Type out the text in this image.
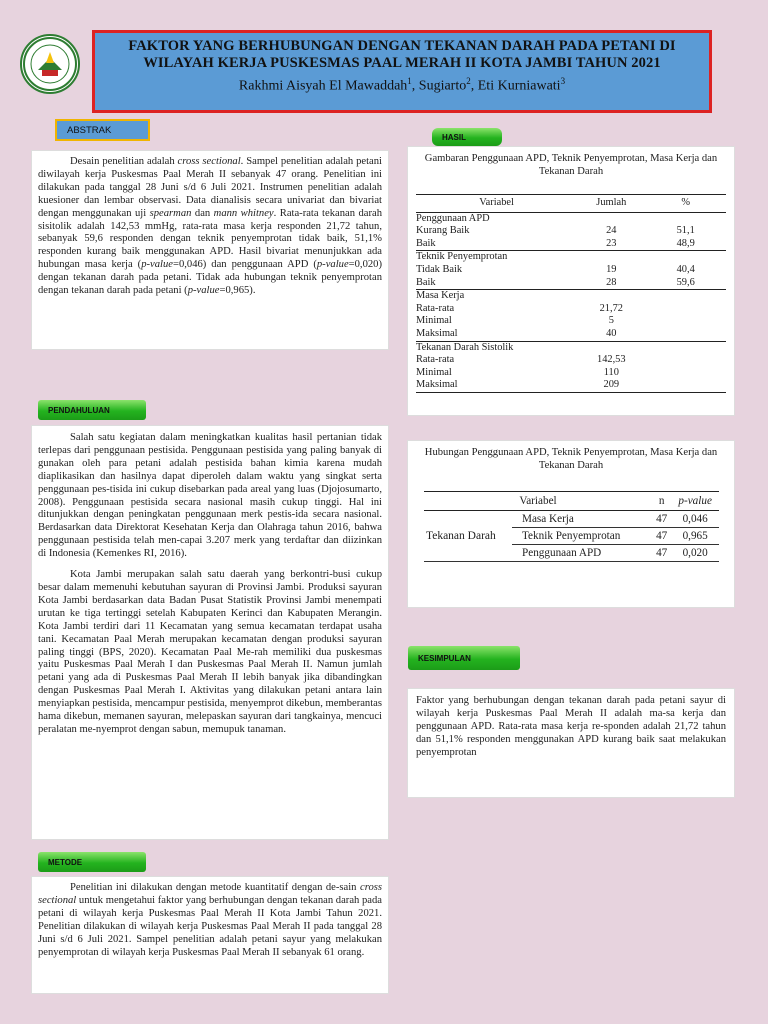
FAKTOR YANG BERHUBUNGAN DENGAN TEKANAN DARAH PADA PETANI DI
WILAYAH KERJA PUSKESMAS PAAL MERAH II KOTA JAMBI TAHUN 2021
Rakhmi Aisyah El Mawaddah$^1$, Sugiarto$^2$, Eti Kurniawati$^3$
ABSTRAK
HASIL
PENDAHULUAN
KESIMPULAN
METODE

Desain penelitian adalah cross sectional. Sampel penelitian adalah petani diwilayah kerja Puskesmas Paal Merah II sebanyak 47 orang. Penelitian ini dilakukan pada tanggal 28 Juni s/d 6 Juli 2021. Instrumen penelitian adalah kuesioner dan lembar observasi. Data dianalisis secara univariat dan bivariat dengan menggunakan uji spearman dan mann whitney. Rata-rata tekanan darah sisitolik adalah 142,53 mmHg, rata-rata masa kerja responden 21,72 tahun, sebanyak 59,6 responden dengan teknik penyemprotan tidak baik, 51,1% responden kurang baik menggunakan APD. Hasil bivariat menunjukkan ada hubungan masa kerja (p-value=0,046) dan penggunaan APD (p-value=0,020) dengan tekanan darah pada petani. Tidak ada hubungan teknik penyemprotan dengan tekanan darah pada petani (p-value=0,965).

Salah satu kegiatan dalam meningkatkan kualitas hasil pertanian tidak terlepas dari penggunaan pestisida. Penggunaan pestisida yang paling banyak di gunakan oleh para petani adalah pestisida bahan kimia karena mudah diaplikasikan dan hasilnya dapat diperoleh dalam waktu yang singkat serta penggunaan pes-tisida ini cukup disebarkan pada areal yang luas (Djojosumarto, 2008). Penggunaan pestisida secara nasional masih cukup tinggi. Hal ini ditunjukkan dengan peningkatan penggunaan merk pestis-ida secara nasional. Berdasarkan data Direktorat Kesehatan Kerja dan Olahraga tahun 2016, bahwa penggunaan pestisida telah men-capai 3.207 merk yang terdaftar dan diizinkan di Indonesia (Kemenkes RI, 2016).

Kota Jambi merupakan salah satu daerah yang berkontri-busi cukup besar dalam memenuhi kebutuhan sayuran di Provinsi Jambi. Produksi sayuran Kota Jambi berdasarkan data Badan Pusat Statistik Provinsi Jambi menempati urutan ke tiga tertinggi setelah Kabupaten Kerinci dan Kabupaten Merangin. Kota Jambi terdiri dari 11 Kecamatan yang semua kecamatan terdapat usaha tani. Kecamatan Paal Merah merupakan kecamatan dengan produksi sayuran paling tinggi (BPS, 2020). Kecamatan Paal Me-rah memiliki dua puskesmas yaitu Puskesmas Paal Merah I dan Puskesmas Paal Merah II. Namun jumlah petani yang ada di Puskesmas Paal Merah II lebih banyak jika dibandingkan dengan Puskesmas Paal Merah I. Aktivitas yang dilakukan petani antara lain menyiapkan pestisida, mencampur pestisida, menyemprot dikebun, memberantas hama dikebun, memanen sayuran, melepaskan sayuran dari tangkainya, mencuci peralatan me-nyemprot dengan sabun, memupuk tanaman.

Penelitian ini dilakukan dengan metode kuantitatif dengan de-sain cross sectional untuk mengetahui faktor yang berhubungan dengan tekanan darah pada petani di wilayah kerja Puskesmas Paal Merah II Kota Jambi Tahun 2021. Penelitian dilakukan di wilayah kerja Puskesmas Paal Merah II pada tanggal 28 Juni s/d 6 Juli 2021. Sampel penelitian adalah petani sayur yang melakukan penyemprotan di wilayah kerja Puskesmas Paal Merah II sebanyak 61 orang.

Gambaran Penggunaan APD, Teknik Penyemprotan, Masa Kerja dan Tekanan Darah
Variabel	Jumlah	%
Penggunaan APD		
Kurang Baik	24	51,1
Baik	23	48,9
Teknik Penyemprotan		
Tidak Baik	19	40,4
Baik	28	59,6
Masa Kerja		
Rata-rata	21,72	
Minimal	5	
Maksimal	40	
Tekanan Darah Sistolik		
Rata-rata	142,53	
Minimal	110	
Maksimal	209	
Hubungan Penggunaan APD, Teknik Penyemprotan, Masa Kerja dan Tekanan Darah
Variabel		n	p-value
Tekanan Darah	Masa Kerja	47	0,046
	Teknik Penyemprotan	47	0,965
	Penggunaan APD	47	0,020

Faktor yang berhubungan dengan tekanan darah pada petani sayur di wilayah kerja Puskesmas Paal Merah II adalah ma-sa kerja dan penggunaan APD. Rata-rata masa kerja re-sponden adalah 21,72 tahun dan 51,1% responden menggunakan APD kurang baik saat melakukan penyemprotan
